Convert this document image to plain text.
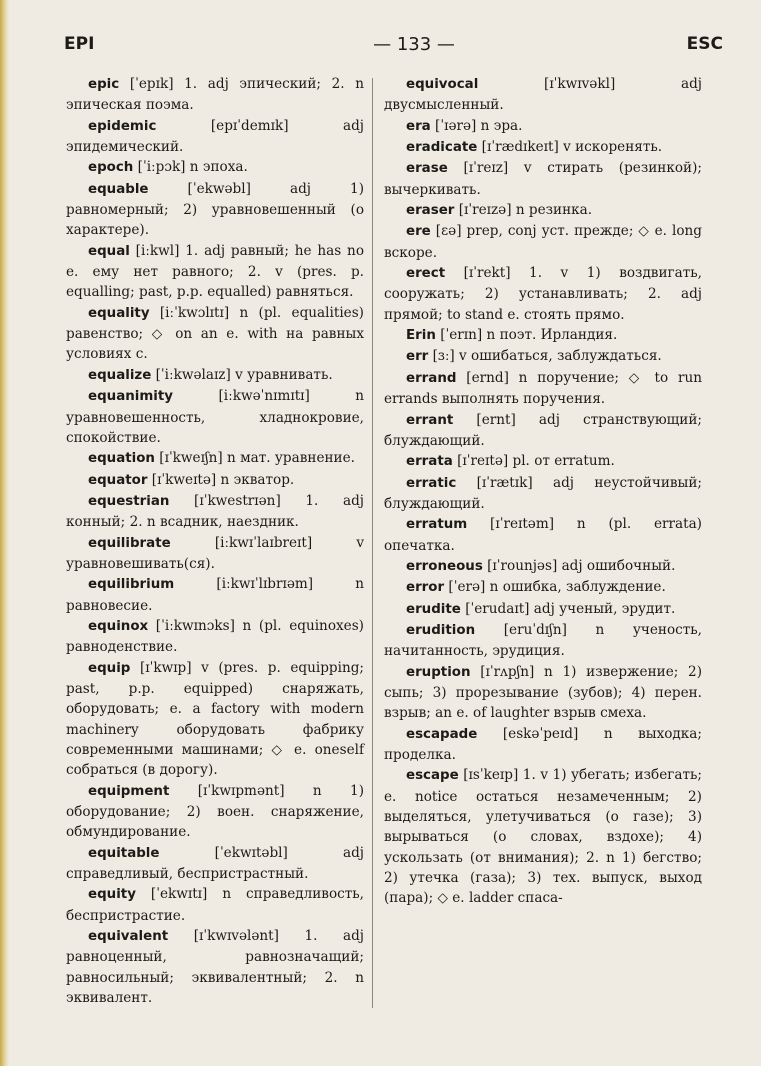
EPI	— 133 —	ESC
epic [ˈepɪk] 1. adj эпический; 2. n эпическая поэма.
epidemic [epɪˈdemɪk] adj эпидемический.
epoch [ˈiːpɔk] n эпоха.
equable [ˈekwəbl] adj 1) равномерный; 2) уравновешенный (о характере).
equal [iːkwl] 1. adj равный; he has no e. ему нет равного; 2. v (pres. p. equalling; past, p.p. equalled) равняться.
equality [iːˈkwɔlɪtɪ] n (pl. equalities) равенство; ◇ on an e. with на равных условиях с.
equalize [ˈiːkwəlaɪz] v уравнивать.
equanimity [iːkwəˈnɪmɪtɪ] n уравновешенность, хладнокровие, спокойствие.
equation [ɪˈkweɪʃn] n мат. уравнение.
equator [ɪˈkweɪtə] n экватор.
equestrian [ɪˈkwestrɪən] 1. adj конный; 2. n всадник, наездник.
equilibrate [iːkwɪˈlaɪbreɪt] v уравновешивать(ся).
equilibrium [iːkwɪˈlɪbrɪəm] n равновесие.
equinox [ˈiːkwɪnɔks] n (pl. equinoxes) равноденствие.
equip [ɪˈkwɪp] v (pres. p. equipping; past, p.p. equipped) снаряжать, оборудовать; e. a factory with modern machinery оборудовать фабрику современными машинами; ◇ e. oneself собраться (в дорогу).
equipment [ɪˈkwɪpmənt] n 1) оборудование; 2) воен. снаряжение, обмундирование.
equitable [ˈekwɪtəbl] adj справедливый, беспристрастный.
equity [ˈekwɪtɪ] n справедливость, беспристрастие.
equivalent [ɪˈkwɪvələnt] 1. adj равноценный, равнозначащий; равносильный; эквивалентный; 2. n эквивалент.
equivocal [ɪˈkwɪvəkl] adj двусмысленный.
era [ˈɪərə] n эра.
eradicate [ɪˈrædɪkeɪt] v искоренять.
erase [ɪˈreɪz] v стирать (резинкой); вычеркивать.
eraser [ɪˈreɪzə] n резинка.
ere [ɛə] prep, conj уст. прежде; ◇ e. long вскоре.
erect [ɪˈrekt] 1. v 1) воздвигать, сооружать; 2) устанавливать; 2. adj прямой; to stand e. стоять прямо.
Erin [ˈerɪn] n поэт. Ирландия.
err [ɜː] v ошибаться, заблуждаться.
errand [ernd] n поручение; ◇ to run errands выполнять поручения.
errant [ernt] adj странствующий; блуждающий.
errata [ɪˈreɪtə] pl. от erratum.
erratic [ɪˈrætɪk] adj неустойчивый; блуждающий.
erratum [ɪˈreɪtəm] n (pl. errata) опечатка.
erroneous [ɪˈrounjəs] adj ошибочный.
error [ˈerə] n ошибка, заблуждение.
erudite [ˈerudaɪt] adj ученый, эрудит.
erudition [eruˈdɪʃn] n ученость, начитанность, эрудиция.
eruption [ɪˈrʌpʃn] n 1) извержение; 2) сыпь; 3) прорезывание (зубов); 4) перен. взрыв; an e. of laughter взрыв смеха.
escapade [eskəˈpeɪd] n выходка; проделка.
escape [ɪsˈkeɪp] 1. v 1) убегать; избегать; e. notice остаться незамеченным; 2) выделяться, улетучиваться (о газе); 3) вырываться (о словах, вздохе); 4) ускользать (от внимания); 2. n 1) бегство; 2) утечка (газа); 3) тех. выпуск, выход (пара); ◇ e. ladder спаса-
